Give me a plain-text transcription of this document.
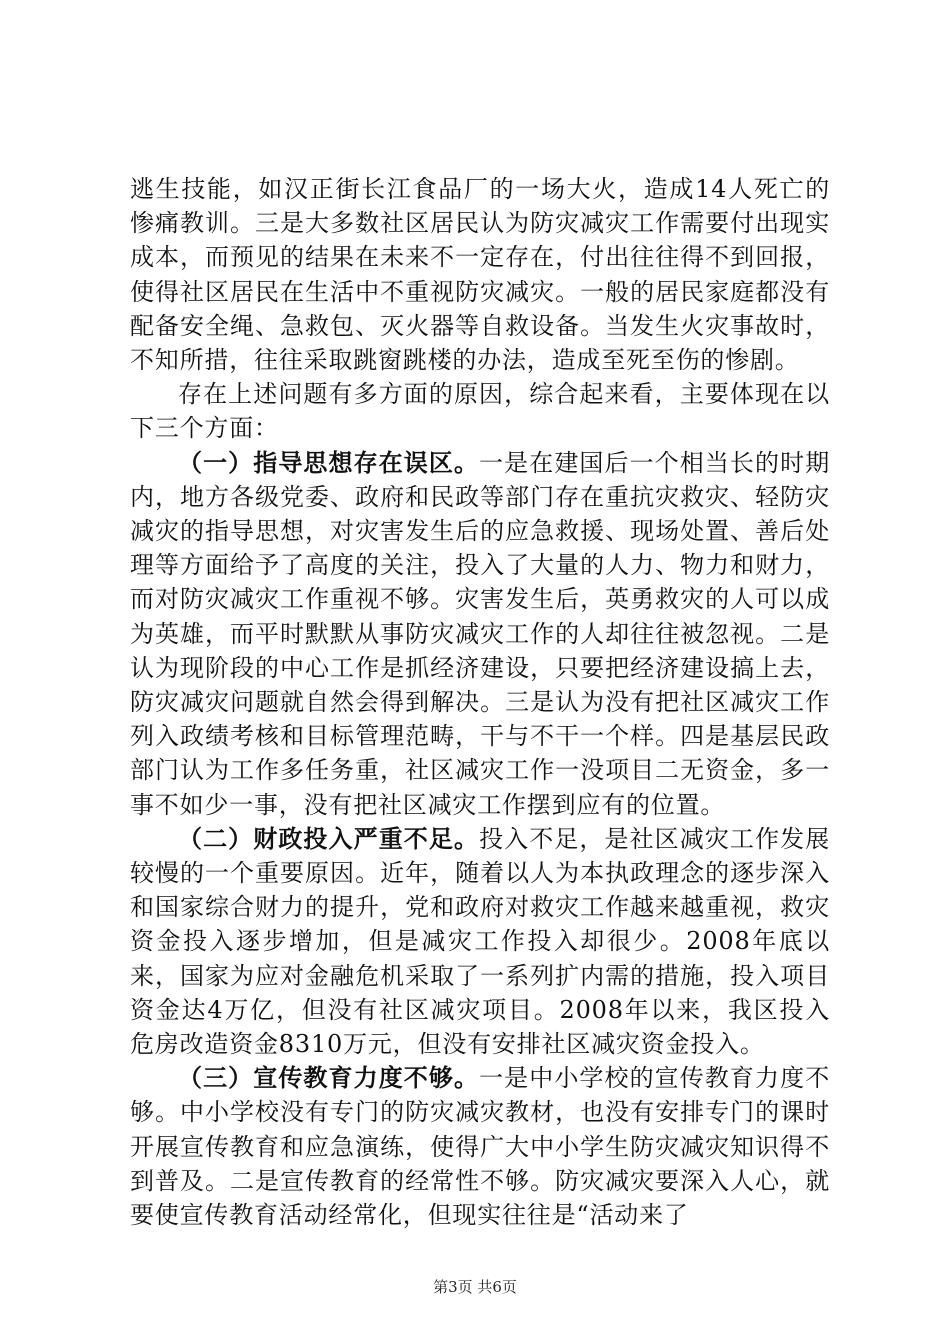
逃生技能，如汉正街长江食品厂的一场大火，造成14人死亡的惨痛教训。三是大多数社区居民认为防灾减灾工作需要付出现实成本，而预见的结果在未来不一定存在，付出往往得不到回报，使得社区居民在生活中不重视防灾减灾。一般的居民家庭都没有配备安全绳、急救包、灭火器等自救设备。当发生火灾事故时，不知所措，往往采取跳窗跳楼的办法，造成至死至伤的惨剧。

存在上述问题有多方面的原因，综合起来看，主要体现在以下三个方面：

（一）指导思想存在误区。一是在建国后一个相当长的时期内，地方各级党委、政府和民政等部门存在重抗灾救灾、轻防灾减灾的指导思想，对灾害发生后的应急救援、现场处置、善后处理等方面给予了高度的关注，投入了大量的人力、物力和财力，而对防灾减灾工作重视不够。灾害发生后，英勇救灾的人可以成为英雄，而平时默默从事防灾减灾工作的人却往往被忽视。二是认为现阶段的中心工作是抓经济建设，只要把经济建设搞上去，防灾减灾问题就自然会得到解决。三是认为没有把社区减灾工作列入政绩考核和目标管理范畴，干与不干一个样。四是基层民政部门认为工作多任务重，社区减灾工作一没项目二无资金，多一事不如少一事，没有把社区减灾工作摆到应有的位置。

（二）财政投入严重不足。投入不足，是社区减灾工作发展较慢的一个重要原因。近年，随着以人为本执政理念的逐步深入和国家综合财力的提升，党和政府对救灾工作越来越重视，救灾资金投入逐步增加，但是减灾工作投入却很少。2008年底以来，国家为应对金融危机采取了一系列扩内需的措施，投入项目资金达4万亿，但没有社区减灾项目。2008年以来，我区投入危房改造资金8310万元，但没有安排社区减灾资金投入。

（三）宣传教育力度不够。一是中小学校的宣传教育力度不够。中小学校没有专门的防灾减灾教材，也没有安排专门的课时开展宣传教育和应急演练，使得广大中小学生防灾减灾知识得不到普及。二是宣传教育的经常性不够。防灾减灾要深入人心，就要使宣传教育活动经常化，但现实往往是“活动来了

第3页 共6页
